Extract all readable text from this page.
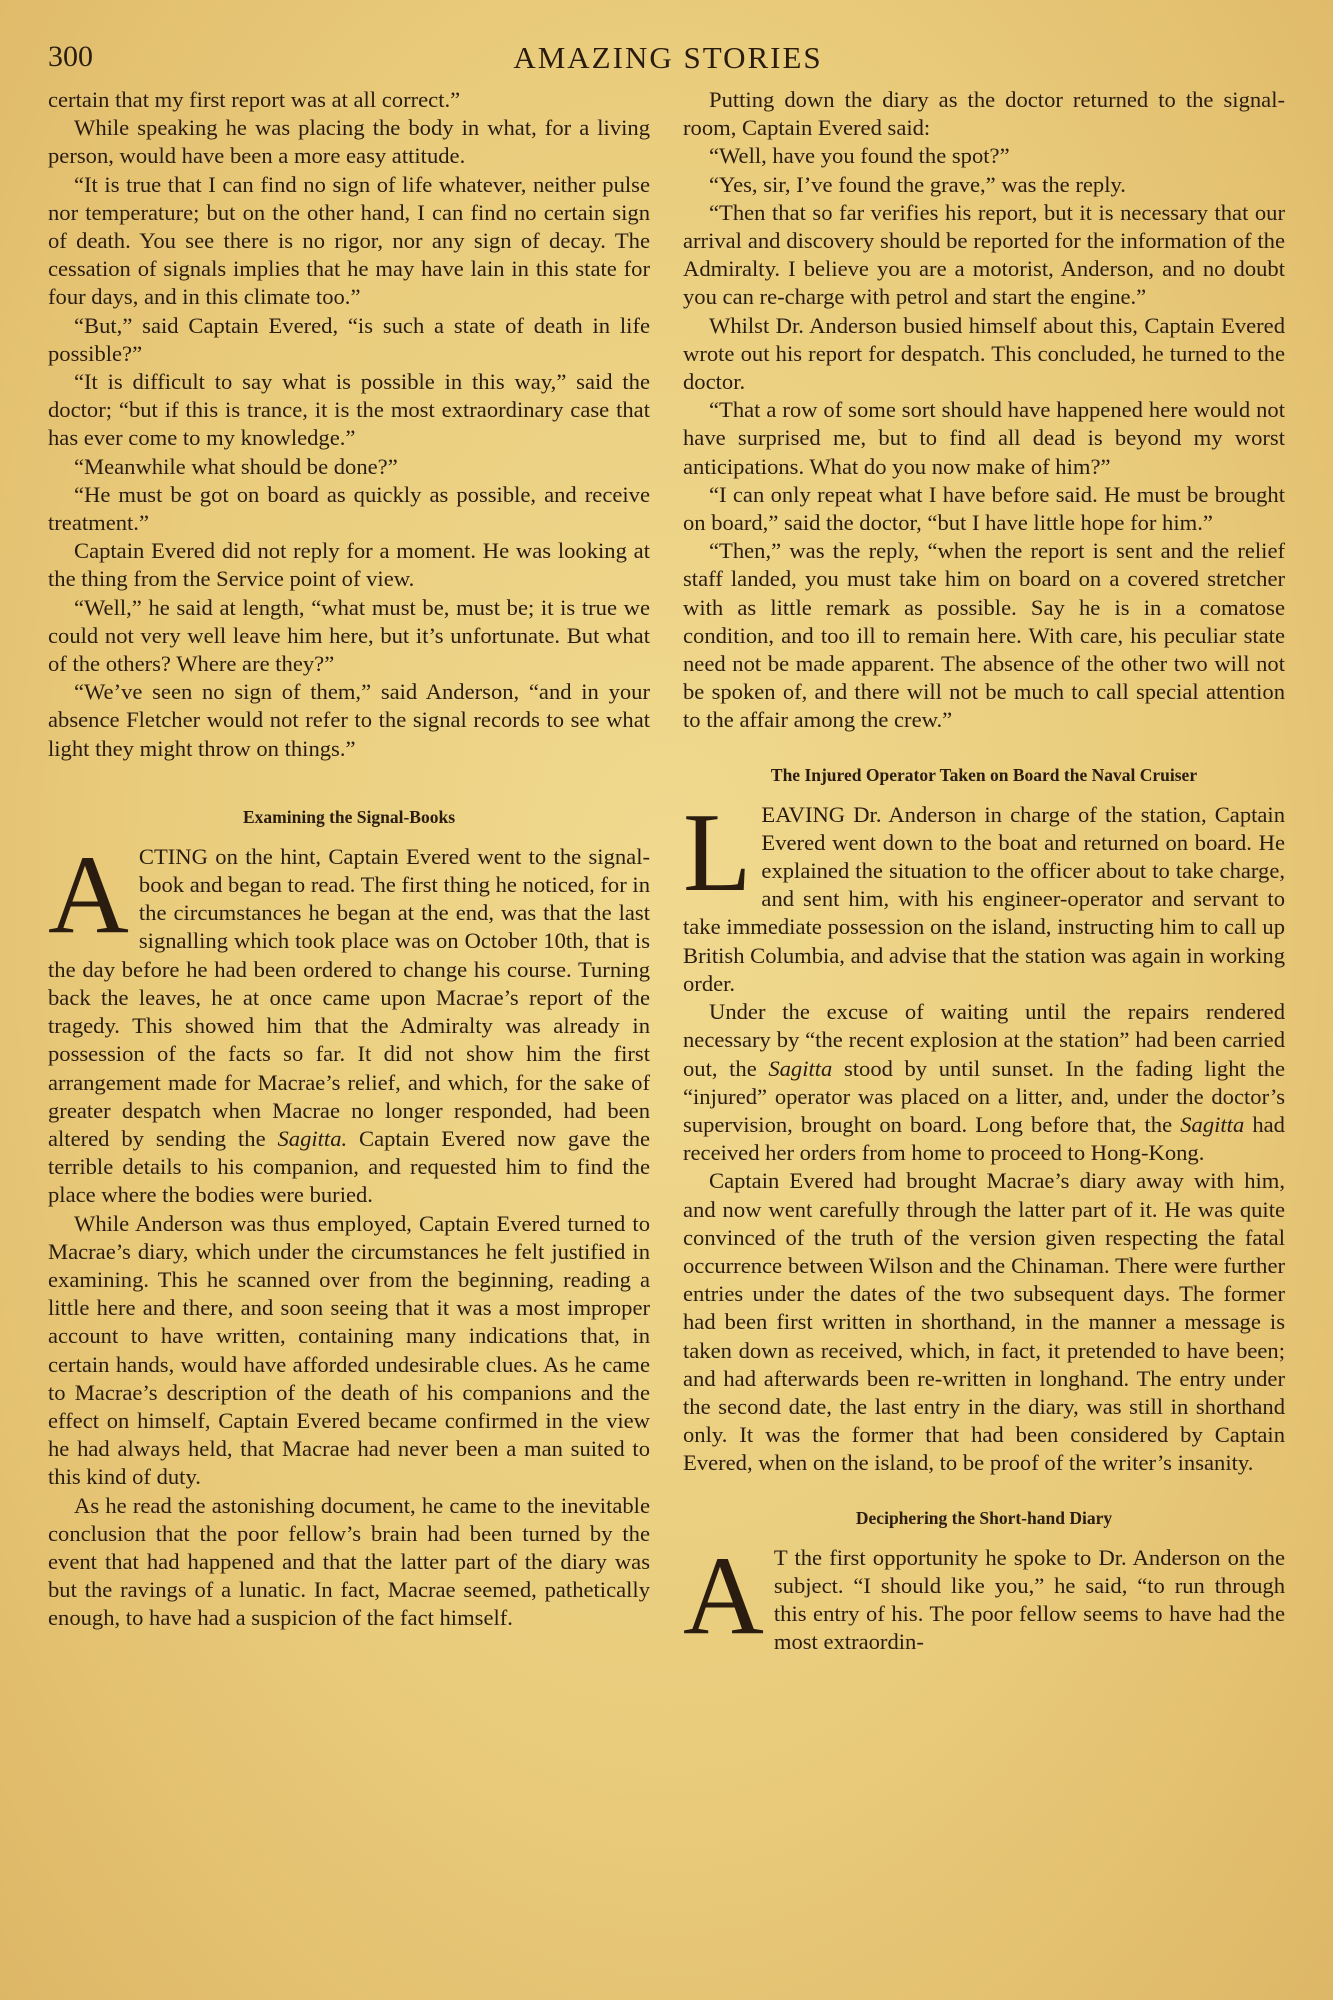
300	AMAZING STORIES

certain that my first report was at all correct.”

While speaking he was placing the body in what, for a living person, would have been a more easy attitude.

“It is true that I can find no sign of life whatever, neither pulse nor temperature; but on the other hand, I can find no certain sign of death. You see there is no rigor, nor any sign of decay. The cessation of signals implies that he may have lain in this state for four days, and in this climate too.”

“But,” said Captain Evered, “is such a state of death in life possible?”

“It is difficult to say what is possible in this way,” said the doctor; “but if this is trance, it is the most extraordinary case that has ever come to my knowledge.”

“Meanwhile what should be done?”

“He must be got on board as quickly as possible, and receive treatment.”

Captain Evered did not reply for a moment. He was looking at the thing from the Service point of view.

“Well,” he said at length, “what must be, must be; it is true we could not very well leave him here, but it’s unfortunate. But what of the others? Where are they?”

“We’ve seen no sign of them,” said Anderson, “and in your absence Fletcher would not refer to the signal records to see what light they might throw on things.”

Examining the Signal-Books

ACTING on the hint, Captain Evered went to the signal-book and began to read. The first thing he noticed, for in the circumstances he began at the end, was that the last signalling which took place was on October 10th, that is the day before he had been ordered to change his course. Turning back the leaves, he at once came upon Macrae’s report of the tragedy. This showed him that the Admiralty was already in possession of the facts so far. It did not show him the first arrangement made for Macrae’s relief, and which, for the sake of greater despatch when Macrae no longer responded, had been altered by sending the Sagitta. Captain Evered now gave the terrible details to his companion, and requested him to find the place where the bodies were buried.

While Anderson was thus employed, Captain Evered turned to Macrae’s diary, which under the circumstances he felt justified in examining. This he scanned over from the beginning, reading a little here and there, and soon seeing that it was a most improper account to have written, containing many indications that, in certain hands, would have afforded undesirable clues. As he came to Macrae’s description of the death of his companions and the effect on himself, Captain Evered became confirmed in the view he had always held, that Macrae had never been a man suited to this kind of duty.

As he read the astonishing document, he came to the inevitable conclusion that the poor fellow’s brain had been turned by the event that had happened and that the latter part of the diary was but the ravings of a lunatic. In fact, Macrae seemed, pathetically enough, to have had a suspicion of the fact himself.

Putting down the diary as the doctor returned to the signal-room, Captain Evered said:

“Well, have you found the spot?”

“Yes, sir, I’ve found the grave,” was the reply.

“Then that so far verifies his report, but it is necessary that our arrival and discovery should be reported for the information of the Admiralty. I believe you are a motorist, Anderson, and no doubt you can re-charge with petrol and start the engine.”

Whilst Dr. Anderson busied himself about this, Captain Evered wrote out his report for despatch. This concluded, he turned to the doctor.

“That a row of some sort should have happened here would not have surprised me, but to find all dead is beyond my worst anticipations. What do you now make of him?”

“I can only repeat what I have before said. He must be brought on board,” said the doctor, “but I have little hope for him.”

“Then,” was the reply, “when the report is sent and the relief staff landed, you must take him on board on a covered stretcher with as little remark as possible. Say he is in a comatose condition, and too ill to remain here. With care, his peculiar state need not be made apparent. The absence of the other two will not be spoken of, and there will not be much to call special attention to the affair among the crew.”

The Injured Operator Taken on Board the Naval Cruiser

LEAVING Dr. Anderson in charge of the station, Captain Evered went down to the boat and returned on board. He explained the situation to the officer about to take charge, and sent him, with his engineer-operator and servant to take immediate possession on the island, instructing him to call up British Columbia, and advise that the station was again in working order.

Under the excuse of waiting until the repairs rendered necessary by “the recent explosion at the station” had been carried out, the Sagitta stood by until sunset. In the fading light the “injured” operator was placed on a litter, and, under the doctor’s supervision, brought on board. Long before that, the Sagitta had received her orders from home to proceed to Hong-Kong.

Captain Evered had brought Macrae’s diary away with him, and now went carefully through the latter part of it. He was quite convinced of the truth of the version given respecting the fatal occurrence between Wilson and the Chinaman. There were further entries under the dates of the two subsequent days. The former had been first written in shorthand, in the manner a message is taken down as received, which, in fact, it pretended to have been; and had afterwards been re-written in longhand. The entry under the second date, the last entry in the diary, was still in shorthand only. It was the former that had been considered by Captain Evered, when on the island, to be proof of the writer’s insanity.

Deciphering the Short-hand Diary

A T the first opportunity he spoke to Dr. Anderson on the subject. “I should like you,” he said, “to run through this entry of his. The poor fellow seems to have had the most extraordin-
